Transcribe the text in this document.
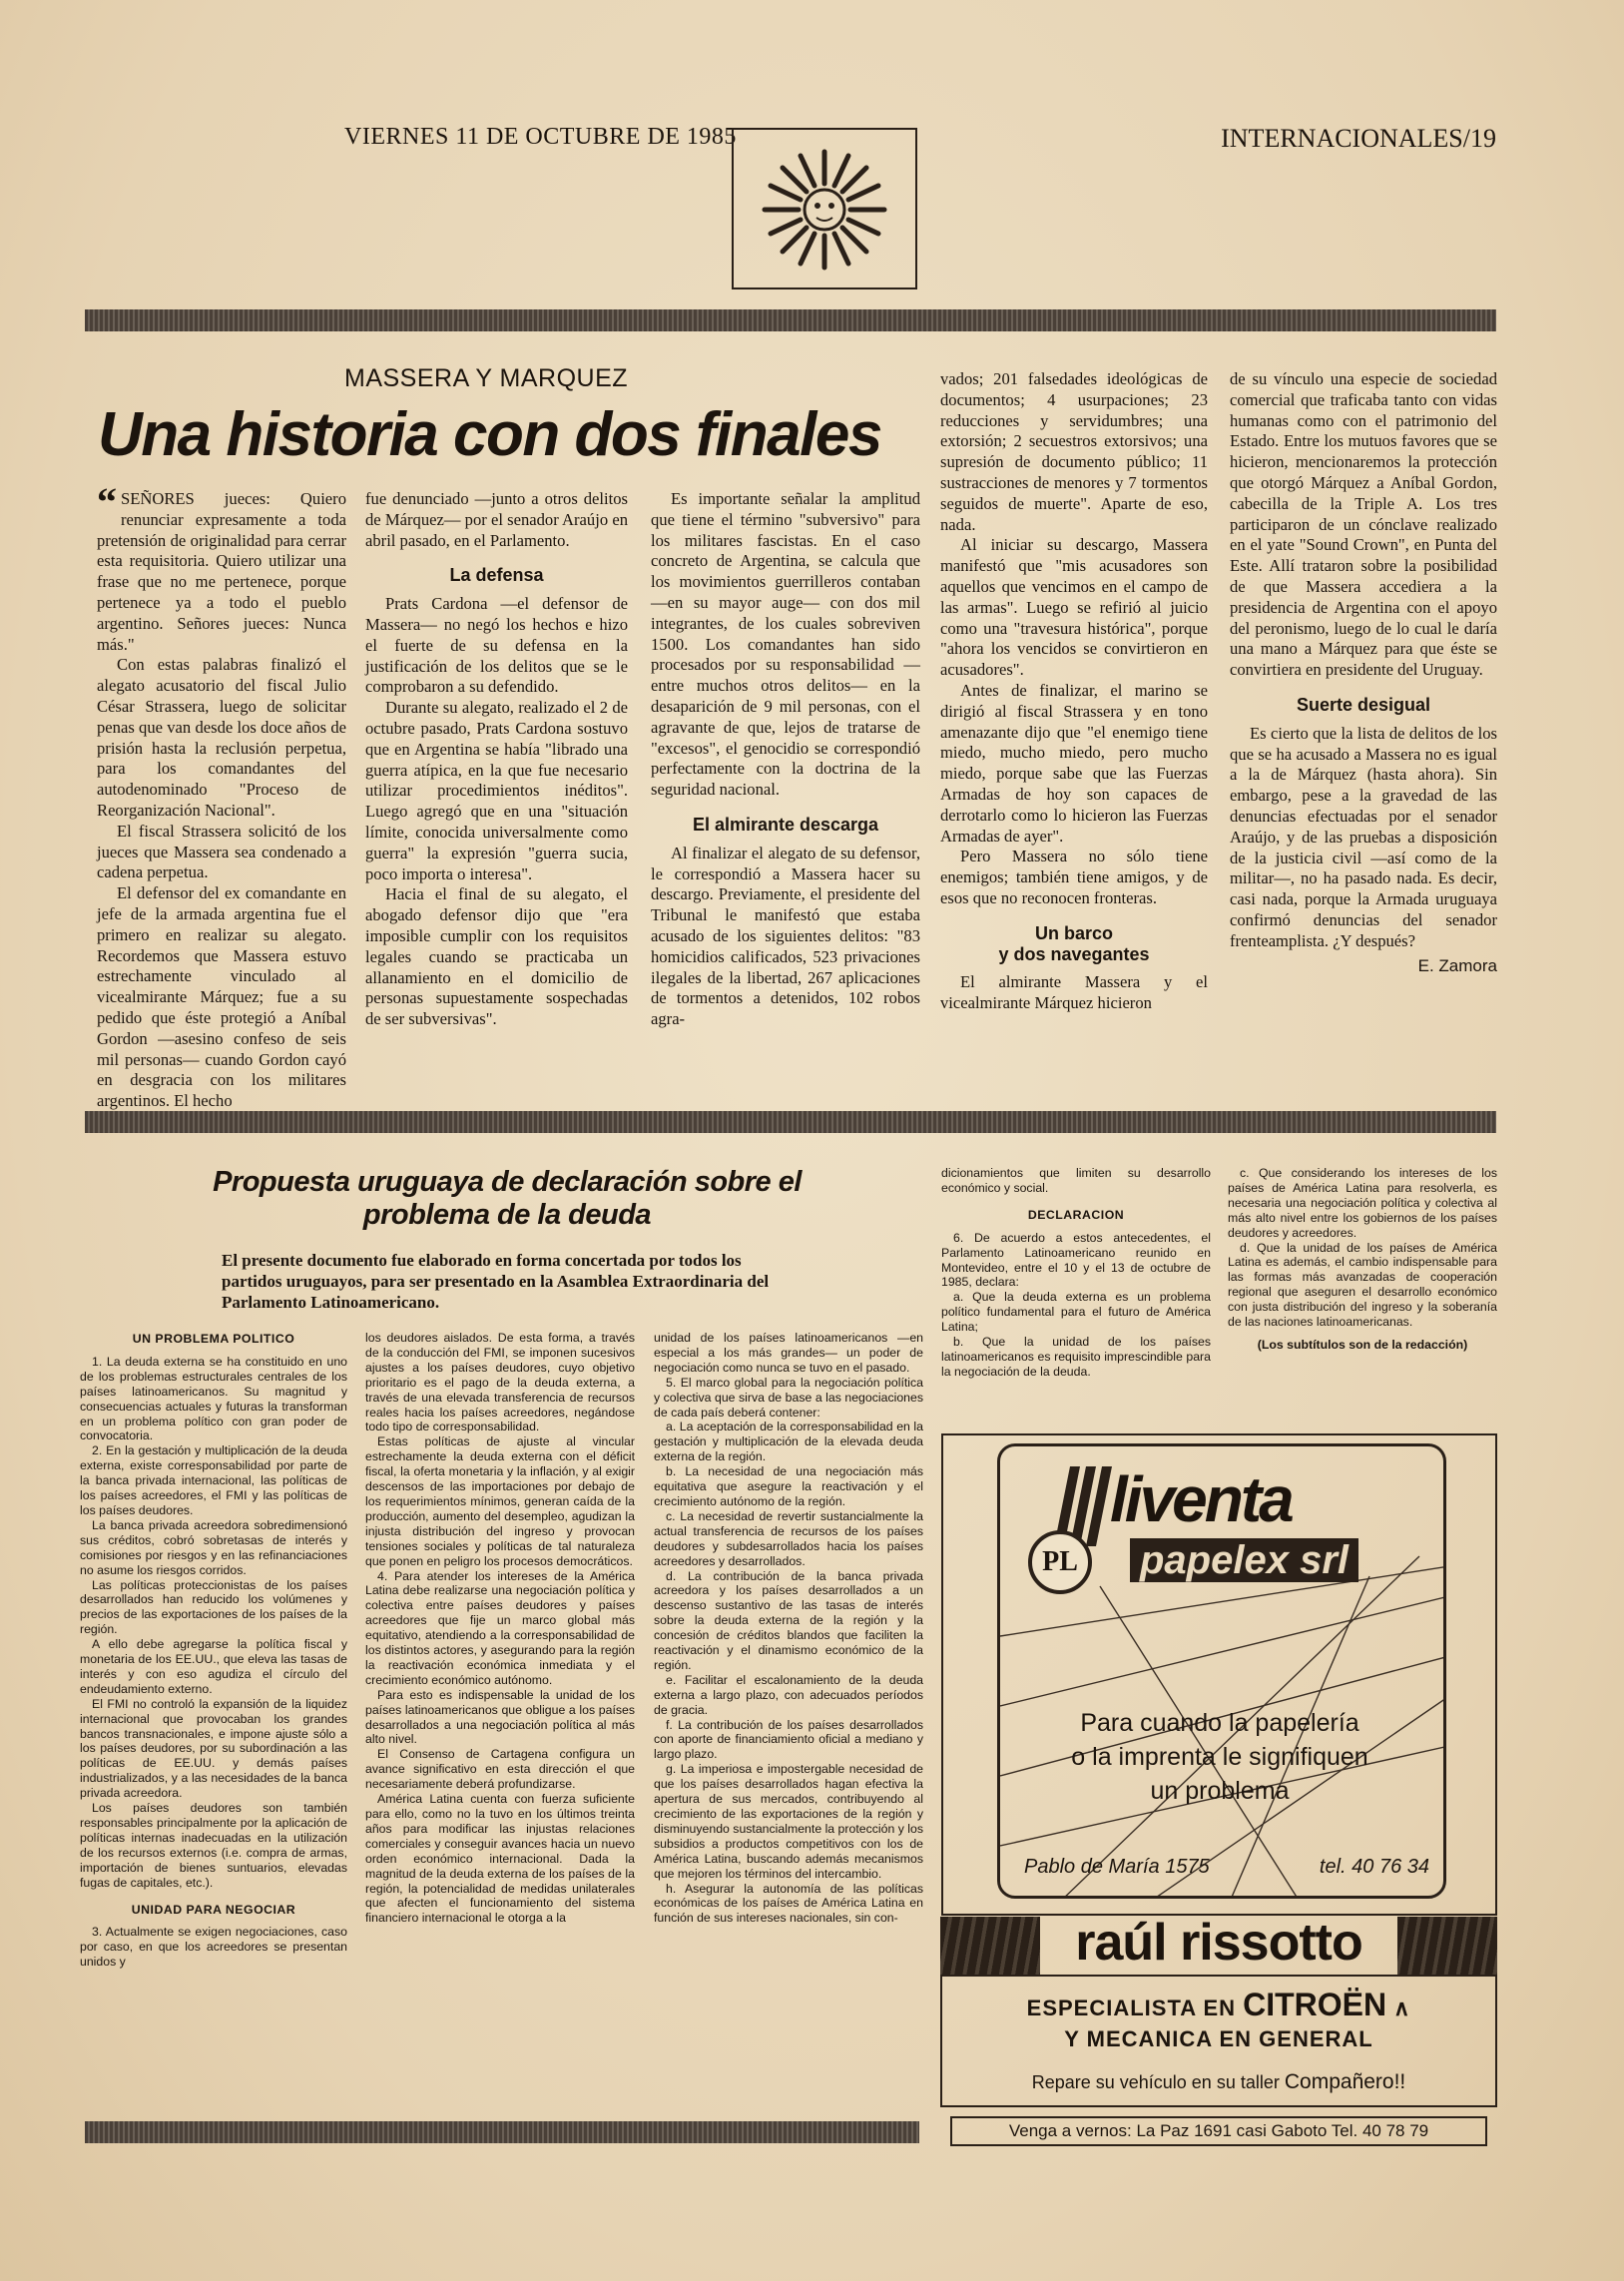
VIERNES 11 DE OCTUBRE DE 1985	INTERNACIONALES/19
MASSERA Y MARQUEZ
Una historia con dos finales

“ SEÑORES jueces: Quiero renunciar expresamente a toda pretensión de originalidad para cerrar esta requisitoria. Quiero utilizar una frase que no me pertenece, porque pertenece ya a todo el pueblo argentino. Señores jueces: Nunca más."

Con estas palabras finalizó el alegato acusatorio del fiscal Julio César Strassera, luego de solicitar penas que van desde los doce años de prisión hasta la reclusión perpetua, para los comandantes del autodenominado "Proceso de Reorganización Nacional".

El fiscal Strassera solicitó de los jueces que Massera sea condenado a cadena perpetua.

El defensor del ex comandante en jefe de la armada argentina fue el primero en realizar su alegato. Recordemos que Massera estuvo estrechamente vinculado al vicealmirante Márquez; fue a su pedido que éste protegió a Aníbal Gordon —asesino confeso de seis mil personas— cuando Gordon cayó en desgracia con los militares argentinos. El hecho

fue denunciado —junto a otros delitos de Márquez— por el senador Araújo en abril pasado, en el Parlamento.

La defensa

Prats Cardona —el defensor de Massera— no negó los hechos e hizo el fuerte de su defensa en la justificación de los delitos que se le comprobaron a su defendido.

Durante su alegato, realizado el 2 de octubre pasado, Prats Cardona sostuvo que en Argentina se había "librado una guerra atípica, en la que fue necesario utilizar procedimientos inéditos". Luego agregó que en una "situación límite, conocida universalmente como guerra" la expresión "guerra sucia, poco importa o interesa".

Hacia el final de su alegato, el abogado defensor dijo que "era imposible cumplir con los requisitos legales cuando se practicaba un allanamiento en el domicilio de personas supuestamente sospechadas de ser subversivas".

Es importante señalar la amplitud que tiene el término "subversivo" para los militares fascistas. En el caso concreto de Argentina, se calcula que los movimientos guerrilleros contaban —en su mayor auge— con dos mil integrantes, de los cuales sobreviven 1500. Los comandantes han sido procesados por su responsabilidad —entre muchos otros delitos— en la desaparición de 9 mil personas, con el agravante de que, lejos de tratarse de "excesos", el genocidio se correspondió perfectamente con la doctrina de la seguridad nacional.

El almirante descarga

Al finalizar el alegato de su defensor, le correspondió a Massera hacer su descargo. Previamente, el presidente del Tribunal le manifestó que estaba acusado de los siguientes delitos: "83 homicidios calificados, 523 privaciones ilegales de la libertad, 267 aplicaciones de tormentos a detenidos, 102 robos agra-

vados; 201 falsedades ideológicas de documentos; 4 usurpaciones; 23 reducciones y servidumbres; una extorsión; 2 secuestros extorsivos; una supresión de documento público; 11 sustracciones de menores y 7 tormentos seguidos de muerte". Aparte de eso, nada.

Al iniciar su descargo, Massera manifestó que "mis acusadores son aquellos que vencimos en el campo de las armas". Luego se refirió al juicio como una "travesura histórica", porque "ahora los vencidos se convirtieron en acusadores".

Antes de finalizar, el marino se dirigió al fiscal Strassera y en tono amenazante dijo que "el enemigo tiene miedo, mucho miedo, pero mucho miedo, porque sabe que las Fuerzas Armadas de hoy son capaces de derrotarlo como lo hicieron las Fuerzas Armadas de ayer".

Pero Massera no sólo tiene enemigos; también tiene amigos, y de esos que no reconocen fronteras.

Un barco
y dos navegantes

El almirante Massera y el vicealmirante Márquez hicieron

de su vínculo una especie de sociedad comercial que traficaba tanto con vidas humanas como con el patrimonio del Estado. Entre los mutuos favores que se hicieron, mencionaremos la protección que otorgó Márquez a Aníbal Gordon, cabecilla de la Triple A. Los tres participaron de un cónclave realizado en el yate "Sound Crown", en Punta del Este. Allí trataron sobre la posibilidad de que Massera accediera a la presidencia de Argentina con el apoyo del peronismo, luego de lo cual le daría una mano a Márquez para que éste se convirtiera en presidente del Uruguay.

Suerte desigual

Es cierto que la lista de delitos de los que se ha acusado a Massera no es igual a la de Márquez (hasta ahora). Sin embargo, pese a la gravedad de las denuncias efectuadas por el senador Araújo, y de las pruebas a disposición de la justicia civil —así como de la militar—, no ha pasado nada. Es decir, casi nada, porque la Armada uruguaya confirmó denuncias del senador frenteamplista. ¿Y después?

E. Zamora
Propuesta uruguaya de declaración sobre el problema de la deuda
El presente documento fue elaborado en forma concertada por todos los partidos uruguayos, para ser presentado en la Asamblea Extraordinaria del Parlamento Latinoamericano.

UN PROBLEMA POLITICO

1. La deuda externa se ha constituido en uno de los problemas estructurales centrales de los países latinoamericanos. Su magnitud y consecuencias actuales y futuras la transforman en un problema político con gran poder de convocatoria.

2. En la gestación y multiplicación de la deuda externa, existe corresponsabilidad por parte de la banca privada internacional, las políticas de los países acreedores, el FMI y las políticas de los países deudores.

La banca privada acreedora sobredimensionó sus créditos, cobró sobretasas de interés y comisiones por riesgos y en las refinanciaciones no asume los riesgos corridos.

Las políticas proteccionistas de los países desarrollados han reducido los volúmenes y precios de las exportaciones de los países de la región.

A ello debe agregarse la política fiscal y monetaria de los EE.UU., que eleva las tasas de interés y con eso agudiza el círculo del endeudamiento externo.

El FMI no controló la expansión de la liquidez internacional que provocaban los grandes bancos transnacionales, e impone ajuste sólo a los países deudores, por su subordinación a las políticas de EE.UU. y demás países industrializados, y a las necesidades de la banca privada acreedora.

Los países deudores son también responsables principalmente por la aplicación de políticas internas inadecuadas en la utilización de los recursos externos (i.e. compra de armas, importación de bienes suntuarios, elevadas fugas de capitales, etc.).

UNIDAD PARA NEGOCIAR

3. Actualmente se exigen negociaciones, caso por caso, en que los acreedores se presentan unidos y

los deudores aislados. De esta forma, a través de la conducción del FMI, se imponen sucesivos ajustes a los países deudores, cuyo objetivo prioritario es el pago de la deuda externa, a través de una elevada transferencia de recursos reales hacia los países acreedores, negándose todo tipo de corresponsabilidad.

Estas políticas de ajuste al vincular estrechamente la deuda externa con el déficit fiscal, la oferta monetaria y la inflación, y al exigir descensos de las importaciones por debajo de los requerimientos mínimos, generan caída de la producción, aumento del desempleo, agudizan la injusta distribución del ingreso y provocan tensiones sociales y políticas de tal naturaleza que ponen en peligro los procesos democráticos.

4. Para atender los intereses de la América Latina debe realizarse una negociación política y colectiva entre países deudores y países acreedores que fije un marco global más equitativo, atendiendo a la corresponsabilidad de los distintos actores, y asegurando para la región la reactivación económica inmediata y el crecimiento económico autónomo.

Para esto es indispensable la unidad de los países latinoamericanos que obligue a los países desarrollados a una negociación política al más alto nivel.

El Consenso de Cartagena configura un avance significativo en esta dirección el que necesariamente deberá profundizarse.

América Latina cuenta con fuerza suficiente para ello, como no la tuvo en los últimos treinta años para modificar las injustas relaciones comerciales y conseguir avances hacia un nuevo orden económico internacional. Dada la magnitud de la deuda externa de los países de la región, la potencialidad de medidas unilaterales que afecten el funcionamiento del sistema financiero internacional le otorga a la

unidad de los países latinoamericanos —en especial a los más grandes— un poder de negociación como nunca se tuvo en el pasado.

5. El marco global para la negociación política y colectiva que sirva de base a las negociaciones de cada país deberá contener:

a. La aceptación de la corresponsabilidad en la gestación y multiplicación de la elevada deuda externa de la región.

b. La necesidad de una negociación más equitativa que asegure la reactivación y el crecimiento autónomo de la región.

c. La necesidad de revertir sustancialmente la actual transferencia de recursos de los países deudores y subdesarrollados hacia los países acreedores y desarrollados.

d. La contribución de la banca privada acreedora y los países desarrollados a un descenso sustantivo de las tasas de interés sobre la deuda externa de la región y la concesión de créditos blandos que faciliten la reactivación y el dinamismo económico de la región.

e. Facilitar el escalonamiento de la deuda externa a largo plazo, con adecuados períodos de gracia.

f. La contribución de los países desarrollados con aporte de financiamiento oficial a mediano y largo plazo.

g. La imperiosa e impostergable necesidad de que los países desarrollados hagan efectiva la apertura de sus mercados, contribuyendo al crecimiento de las exportaciones de la región y disminuyendo sustancialmente la protección y los subsidios a productos competitivos con los de América Latina, buscando además mecanismos que mejoren los términos del intercambio.

h. Asegurar la autonomía de las políticas económicas de los países de América Latina en función de sus intereses nacionales, sin con-

dicionamientos que limiten su desarrollo económico y social.

DECLARACION

6. De acuerdo a estos antecedentes, el Parlamento Latinoamericano reunido en Montevideo, entre el 10 y el 13 de octubre de 1985, declara:

a. Que la deuda externa es un problema político fundamental para el futuro de América Latina;

b. Que la unidad de los países latinoamericanos es requisito imprescindible para la negociación de la deuda.

c. Que considerando los intereses de los países de América Latina para resolverla, es necesaria una negociación política y colectiva al más alto nivel entre los gobiernos de los países deudores y acreedores.

d. Que la unidad de los países de América Latina es además, el cambio indispensable para las formas más avanzadas de cooperación regional que aseguren el desarrollo económico con justa distribución del ingreso y la soberanía de las naciones latinoamericanas.

(Los subtítulos son de la redacción)

liventa
papelex srl
PL
Para cuando la papelería o la imprenta le signifiquen un problema
Pablo de María 1575	tel. 40 76 34
raúl rissotto
ESPECIALISTA EN CITROËN ∧
Y MECANICA EN GENERAL
Repare su vehículo en su taller Compañero!!
Venga a vernos: La Paz 1691 casi Gaboto Tel. 40 78 79
